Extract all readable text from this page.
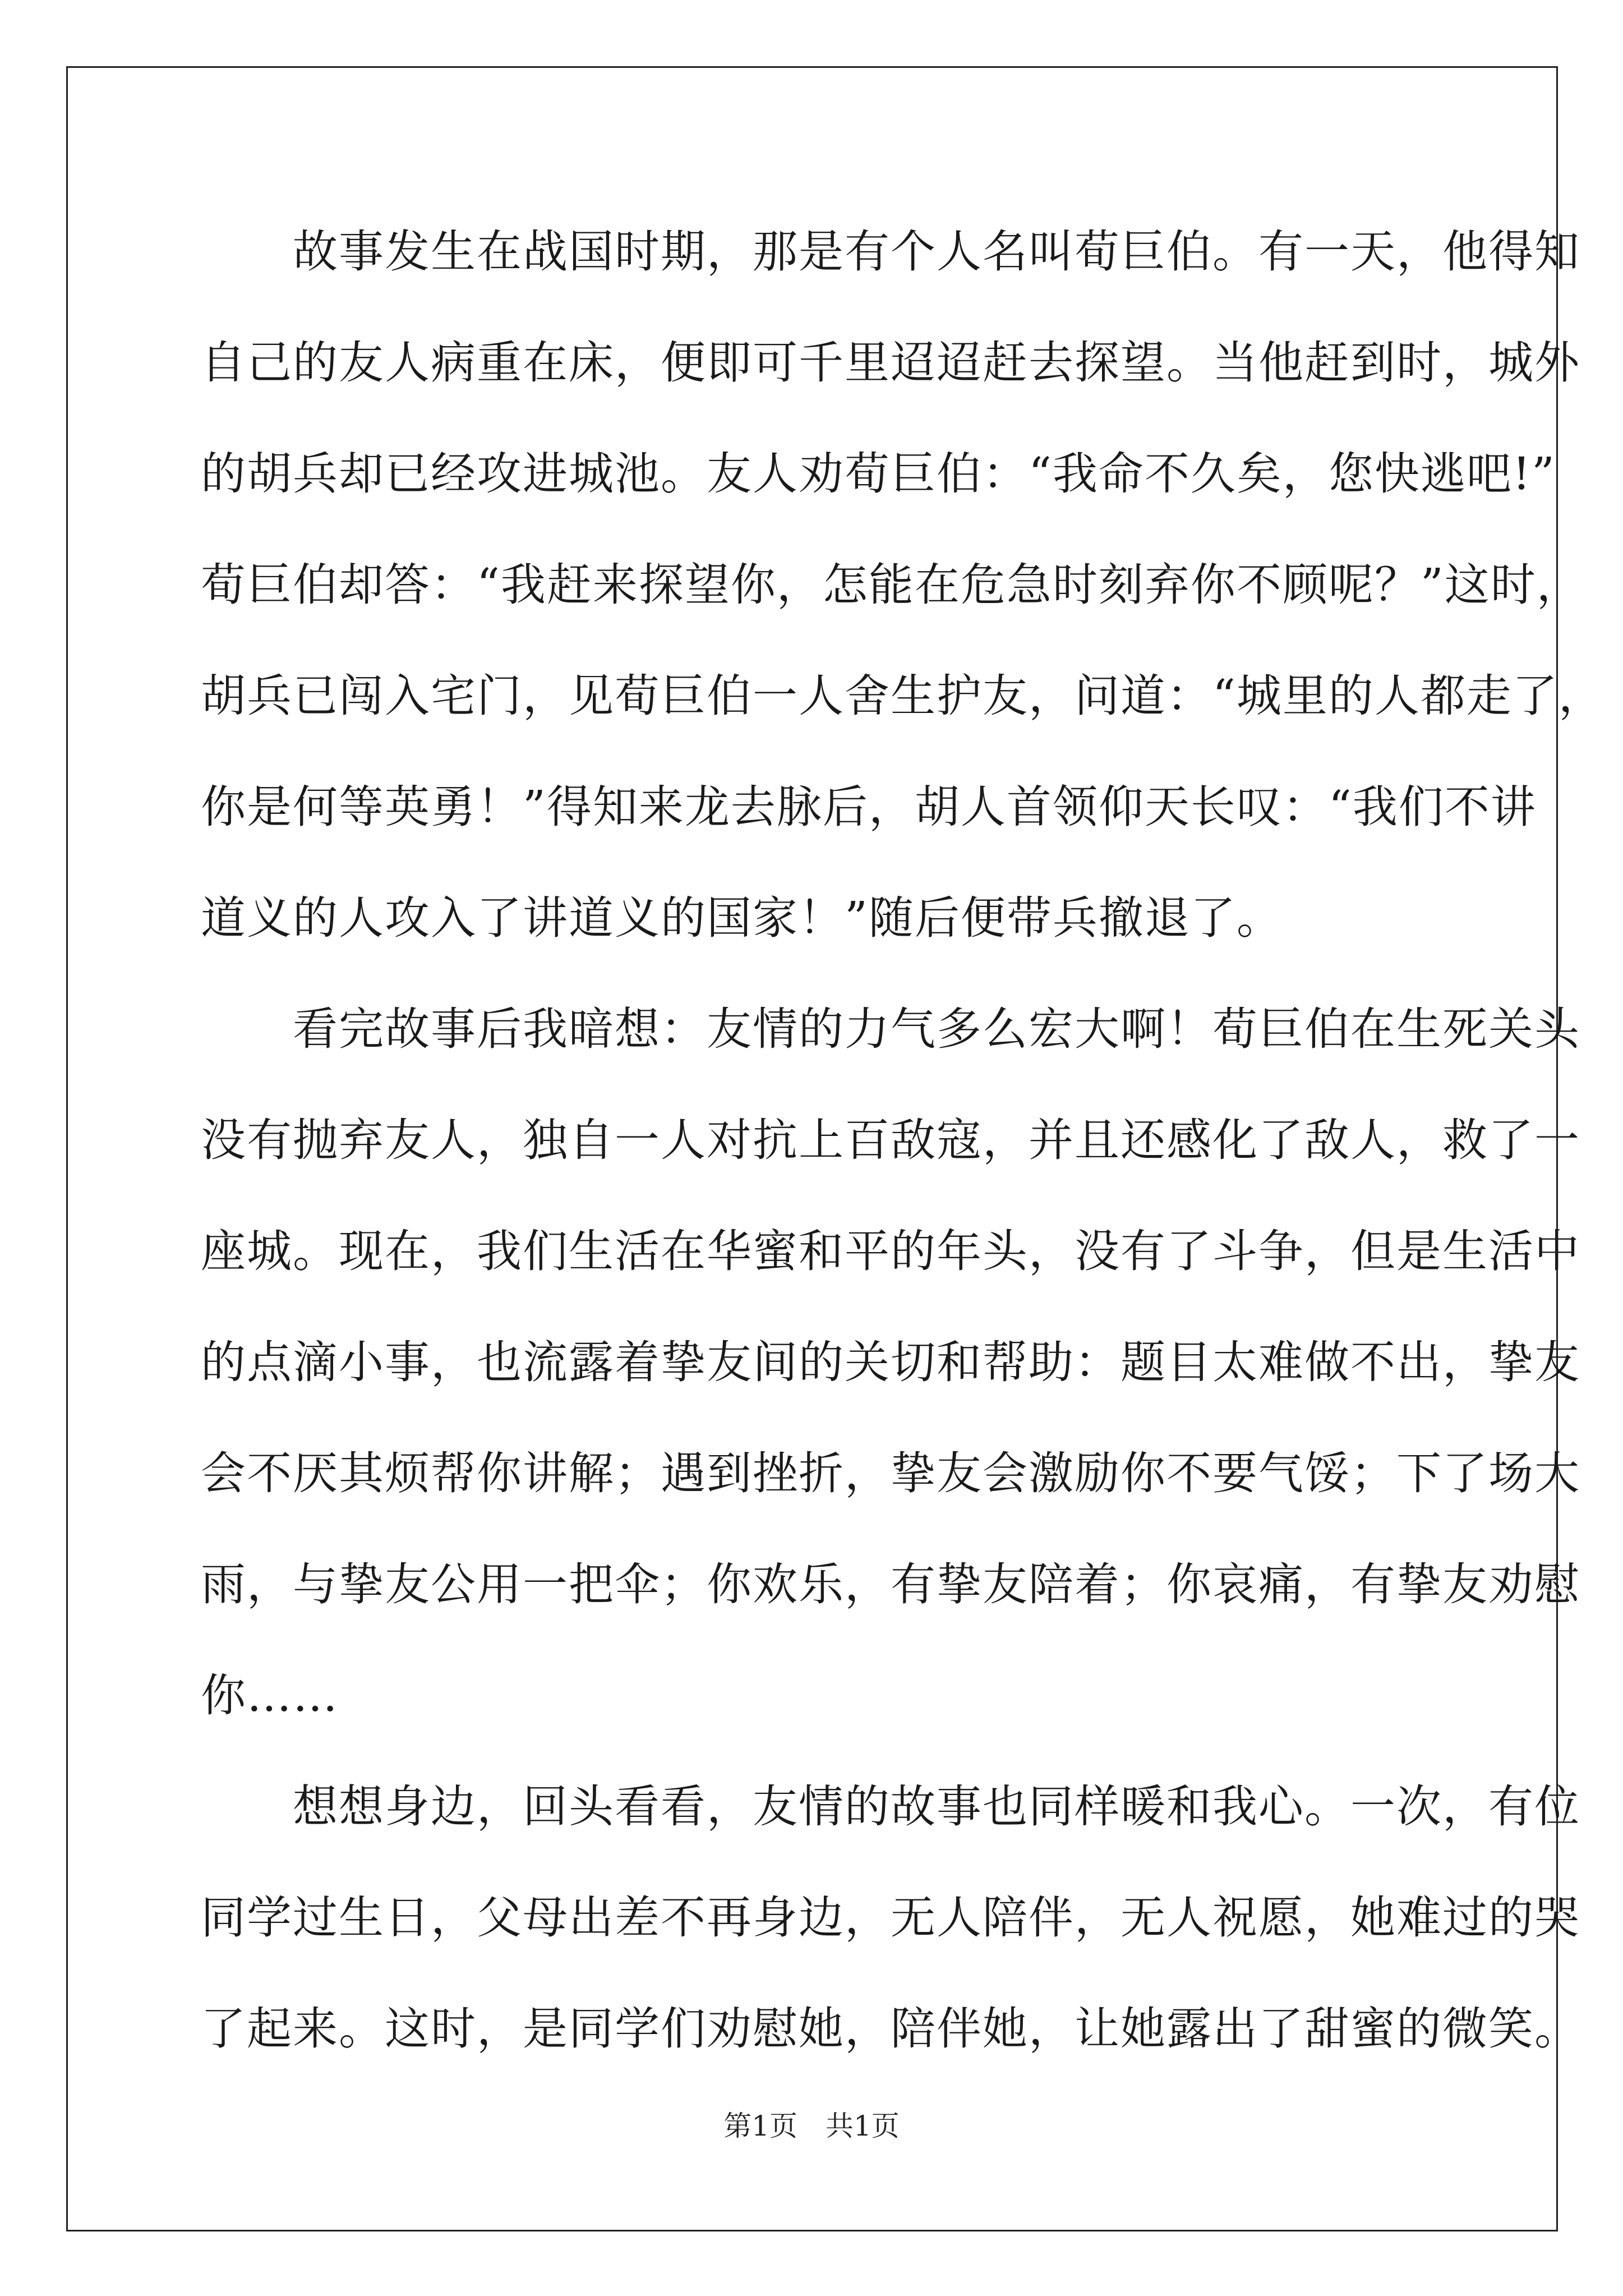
　　故事发生在战国时期，那是有个人名叫荀巨伯。有一天，他得知
自己的友人病重在床，便即可千里迢迢赶去探望。当他赶到时，城外
的胡兵却已经攻进城池。友人劝荀巨伯：“我命不久矣，您快逃吧!”
荀巨伯却答：“我赶来探望你，怎能在危急时刻弃你不顾呢？”这时，
胡兵已闯入宅门，见荀巨伯一人舍生护友，问道：“城里的人都走了，
你是何等英勇！”得知来龙去脉后，胡人首领仰天长叹：“我们不讲
道义的人攻入了讲道义的国家！”随后便带兵撤退了。
　　看完故事后我暗想：友情的力气多么宏大啊！荀巨伯在生死关头
没有抛弃友人，独自一人对抗上百敌寇，并且还感化了敌人，救了一
座城。现在，我们生活在华蜜和平的年头，没有了斗争，但是生活中
的点滴小事，也流露着挚友间的关切和帮助：题目太难做不出，挚友
会不厌其烦帮你讲解；遇到挫折，挚友会激励你不要气馁；下了场大
雨，与挚友公用一把伞；你欢乐，有挚友陪着；你哀痛，有挚友劝慰
你……
　　想想身边，回头看看，友情的故事也同样暖和我心。一次，有位
同学过生日，父母出差不再身边，无人陪伴，无人祝愿，她难过的哭
了起来。这时，是同学们劝慰她，陪伴她，让她露出了甜蜜的微笑。
第1页　共1页
